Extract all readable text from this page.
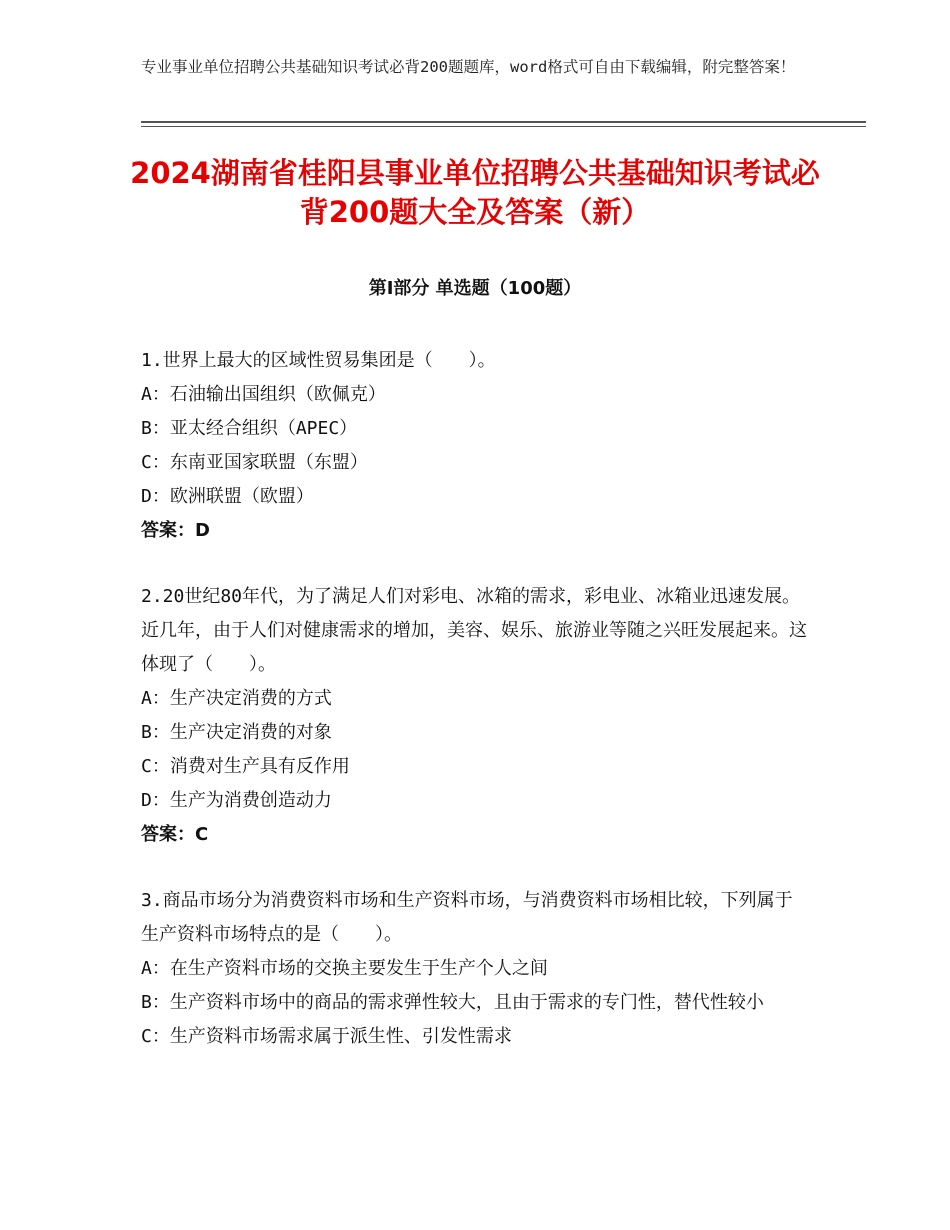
专业事业单位招聘公共基础知识考试必背200题题库，word格式可自由下载编辑，附完整答案！
2024湖南省桂阳县事业单位招聘公共基础知识考试必背200题大全及答案（新）
第Ⅰ部分 单选题（100题）

1.世界上最大的区域性贸易集团是（　　）。

A：石油输出国组织（欧佩克）

B：亚太经合组织（APEC）

C：东南亚国家联盟（东盟）

D：欧洲联盟（欧盟）

答案：D

2.20世纪80年代，为了满足人们对彩电、冰箱的需求，彩电业、冰箱业迅速发展。近几年，由于人们对健康需求的增加，美容、娱乐、旅游业等随之兴旺发展起来。这体现了（　　）。

A：生产决定消费的方式

B：生产决定消费的对象

C：消费对生产具有反作用

D：生产为消费创造动力

答案：C

3.商品市场分为消费资料市场和生产资料市场，与消费资料市场相比较，下列属于生产资料市场特点的是（　　）。

A：在生产资料市场的交换主要发生于生产个人之间

B：生产资料市场中的商品的需求弹性较大，且由于需求的专门性，替代性较小

C：生产资料市场需求属于派生性、引发性需求
